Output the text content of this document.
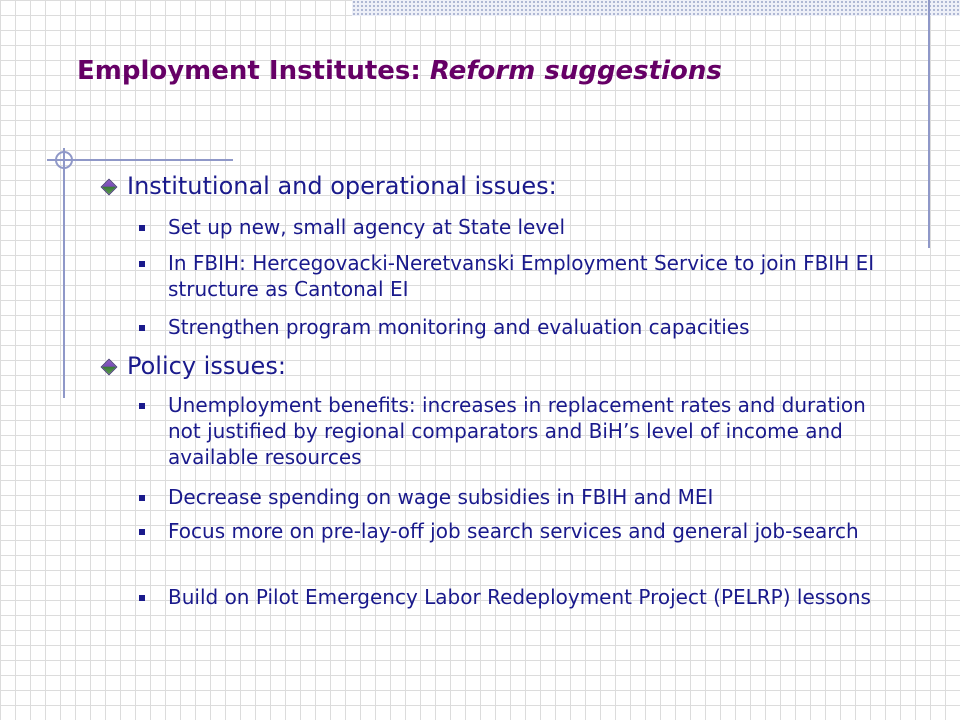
Employment Institutes: Reform suggestions
Institutional and operational issues:
Set up new, small agency at State level
In FBIH: Hercegovacki-Neretvanski Employment Service to join FBIH EI structure as Cantonal EI
Strengthen program monitoring and evaluation capacities
Policy issues:
Unemployment benefits: increases in replacement rates and duration not justified by regional comparators and BiH’s level of income and available resources
Decrease spending on wage subsidies in FBIH and MEI
Focus more on pre-lay-off job search services and general job-search
Build on Pilot Emergency Labor Redeployment Project (PELRP) lessons
